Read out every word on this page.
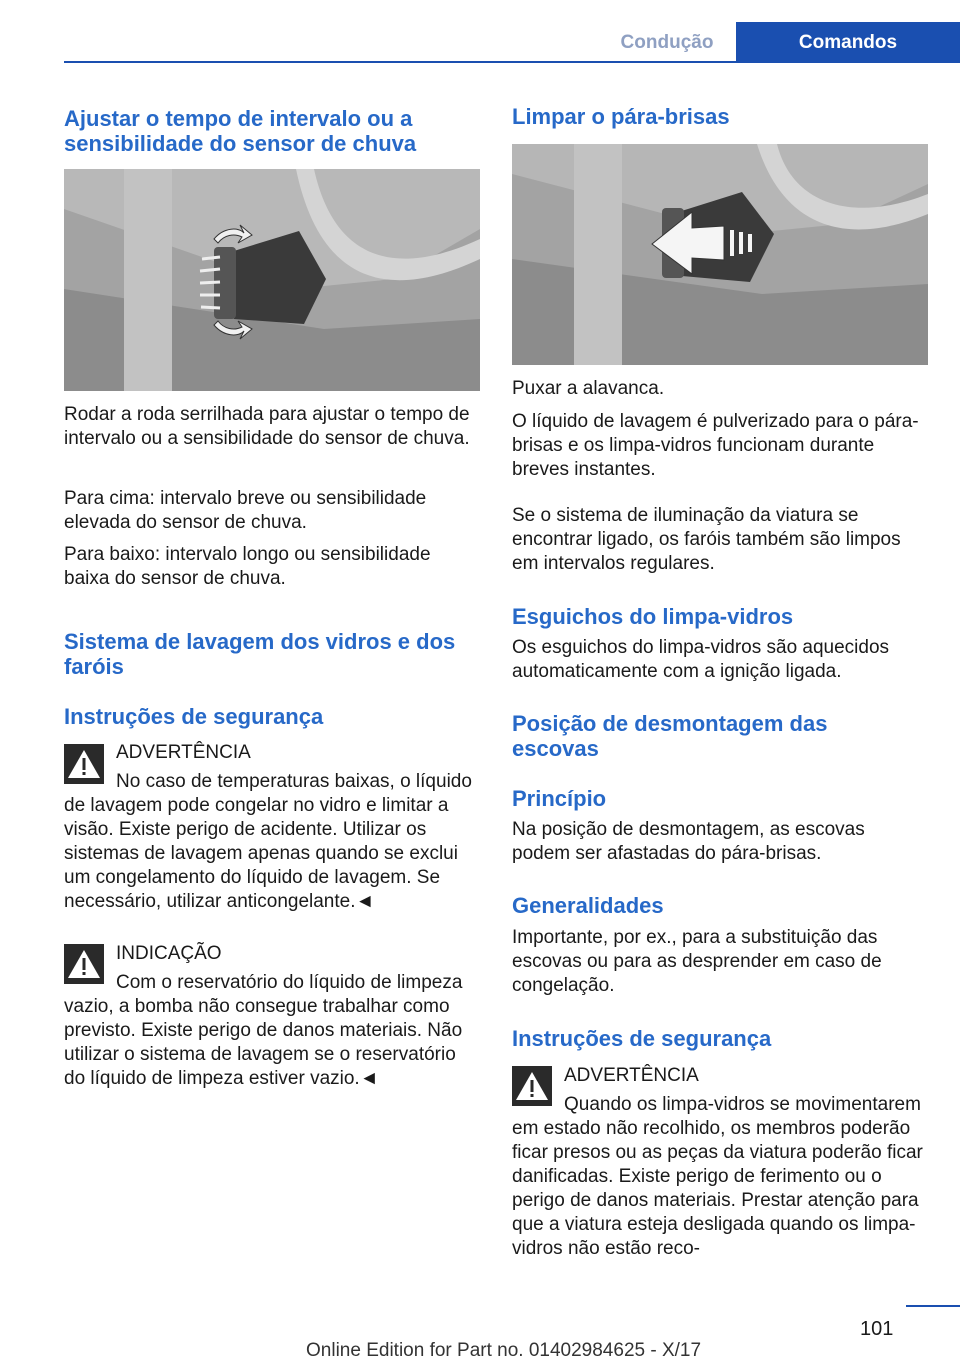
Condução	Comandos
Ajustar o tempo de intervalo ou a sensibilidade do sensor de chuva

Rodar a roda serrilhada para ajustar o tempo de intervalo ou a sensibilidade do sensor de chuva.

Para cima: intervalo breve ou sensibilidade elevada do sensor de chuva.

Para baixo: intervalo longo ou sensibilidade baixa do sensor de chuva.

Sistema de lavagem dos vidros e dos faróis
Instruções de segurança
ADVERTÊNCIA

No caso de temperaturas baixas, o líquido de lavagem pode congelar no vidro e limitar a visão. Existe perigo de acidente. Utilizar os sistemas de lavagem apenas quando se exclui um congelamento do líquido de lavagem. Se necessário, utilizar anticongelante.◄

INDICAÇÃO

Com o reservatório do líquido de limpeza vazio, a bomba não consegue trabalhar como previsto. Existe perigo de danos materiais. Não utilizar o sistema de lavagem se o reservatório do líquido de limpeza estiver vazio.◄

Limpar o pára-brisas

Puxar a alavanca.

O líquido de lavagem é pulverizado para o pára-brisas e os limpa-vidros funcionam durante breves instantes.

Se o sistema de iluminação da viatura se encontrar ligado, os faróis também são limpos em intervalos regulares.

Esguichos do limpa-vidros

Os esguichos do limpa-vidros são aquecidos automaticamente com a ignição ligada.

Posição de desmontagem das escovas
Princípio

Na posição de desmontagem, as escovas podem ser afastadas do pára-brisas.

Generalidades

Importante, por ex., para a substituição das escovas ou para as desprender em caso de congelação.

Instruções de segurança
ADVERTÊNCIA

Quando os limpa-vidros se movimentarem em estado não recolhido, os membros poderão ficar presos ou as peças da viatura poderão ficar danificadas. Existe perigo de ferimento ou o perigo de danos materiais. Prestar atenção para que a viatura esteja desligada quando os limpa-vidros não estão reco-

101
Online Edition for Part no. 01402984625 - X/17
